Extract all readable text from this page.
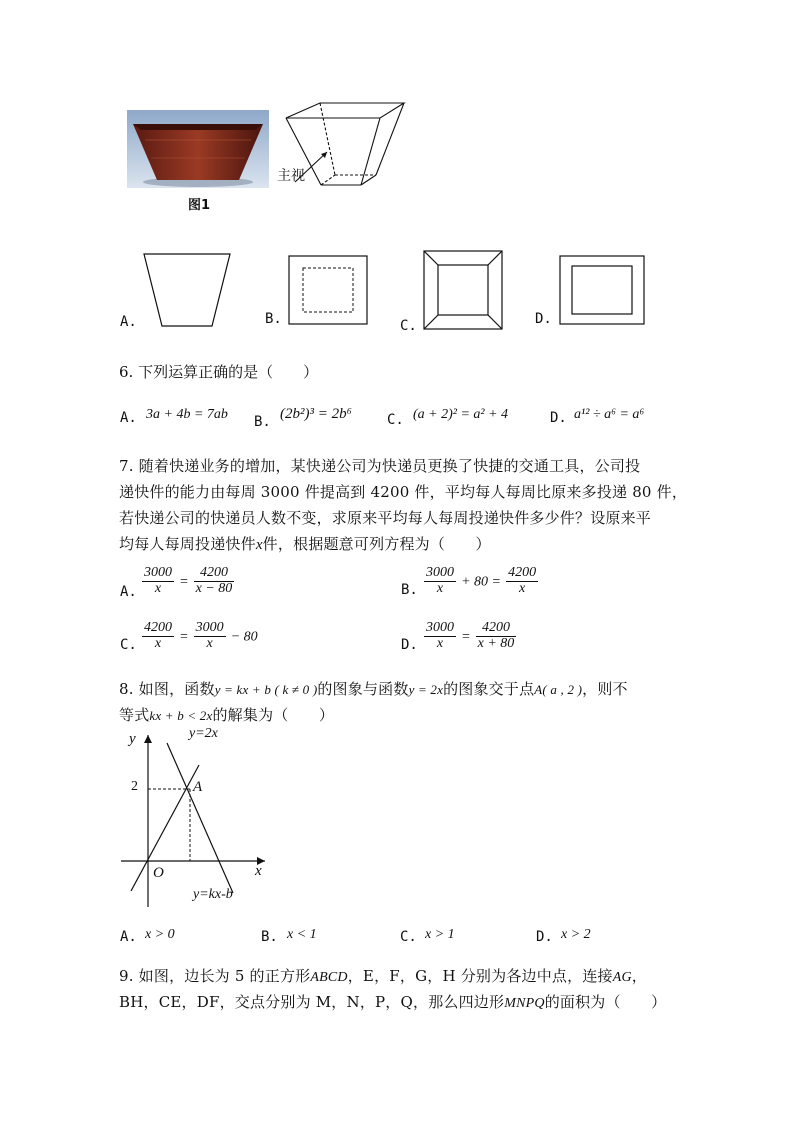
主视
图1
A.	B.	C.	D.
6. 下列运算正确的是（　　）
A. 3a + 4b = 7ab B. (2b²)³ = 2b⁶	C. (a + 2)² = a² + 4	D. a¹² ÷ a⁶ = a⁶
7. 随着快递业务的增加，某快递公司为快递员更换了快捷的交通工具，公司投
递快件的能力由每周 3000 件提高到 4200 件，平均每人每周比原来多投递 80 件，
若快递公司的快递员人数不变，求原来平均每人每周投递快件多少件？设原来平
均每人每周投递快件x件，根据题意可列方程为（　　）
A. $\frac{3000}{x} = \frac{4200}{x - 80}$	B. $\frac{3000}{x} + 80 = \frac{4200}{x}$
C. $\frac{4200}{x} = \frac{3000}{x} - 80$	D. $\frac{3000}{x} = \frac{4200}{x + 80}$
8. 如图，函数y = kx + b ( k ≠ 0 )的图象与函数y = 2x的图象交于点A( a , 2 )，则不
等式kx + b < 2x的解集为（　　）
y
x
O
y=2x
y=kx-b
A
2
A. x > 0	B. x < 1	C. x > 1	D. x > 2
9. 如图，边长为 5 的正方形ABCD，E，F，G，H 分别为各边中点，连接AG，
BH，CE，DF，交点分别为 M，N，P，Q，那么四边形MNPQ的面积为（　　）
